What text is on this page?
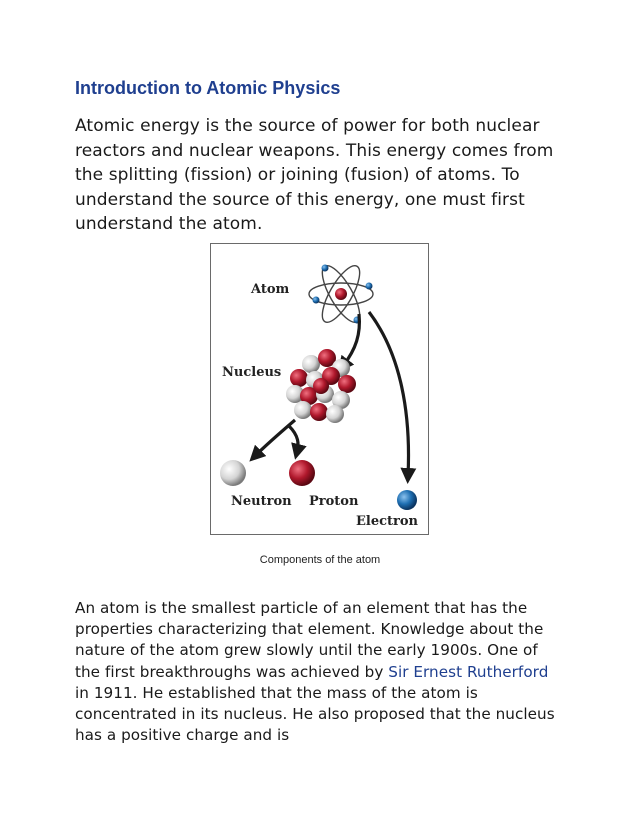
Introduction to Atomic Physics

Atomic energy is the source of power for both nuclear reactors and nuclear weapons. This energy comes from the splitting (fission) or joining (fusion) of atoms. To understand the source of this energy, one must first understand the atom.

Atom
Nucleus
Neutron Proton
Electron

Components of the atom

An atom is the smallest particle of an element that has the properties characterizing that element. Knowledge about the nature of the atom grew slowly until the early 1900s. One of the first breakthroughs was achieved by Sir Ernest Rutherford in 1911. He established that the mass of the atom is concentrated in its nucleus. He also proposed that the nucleus has a positive charge and is
